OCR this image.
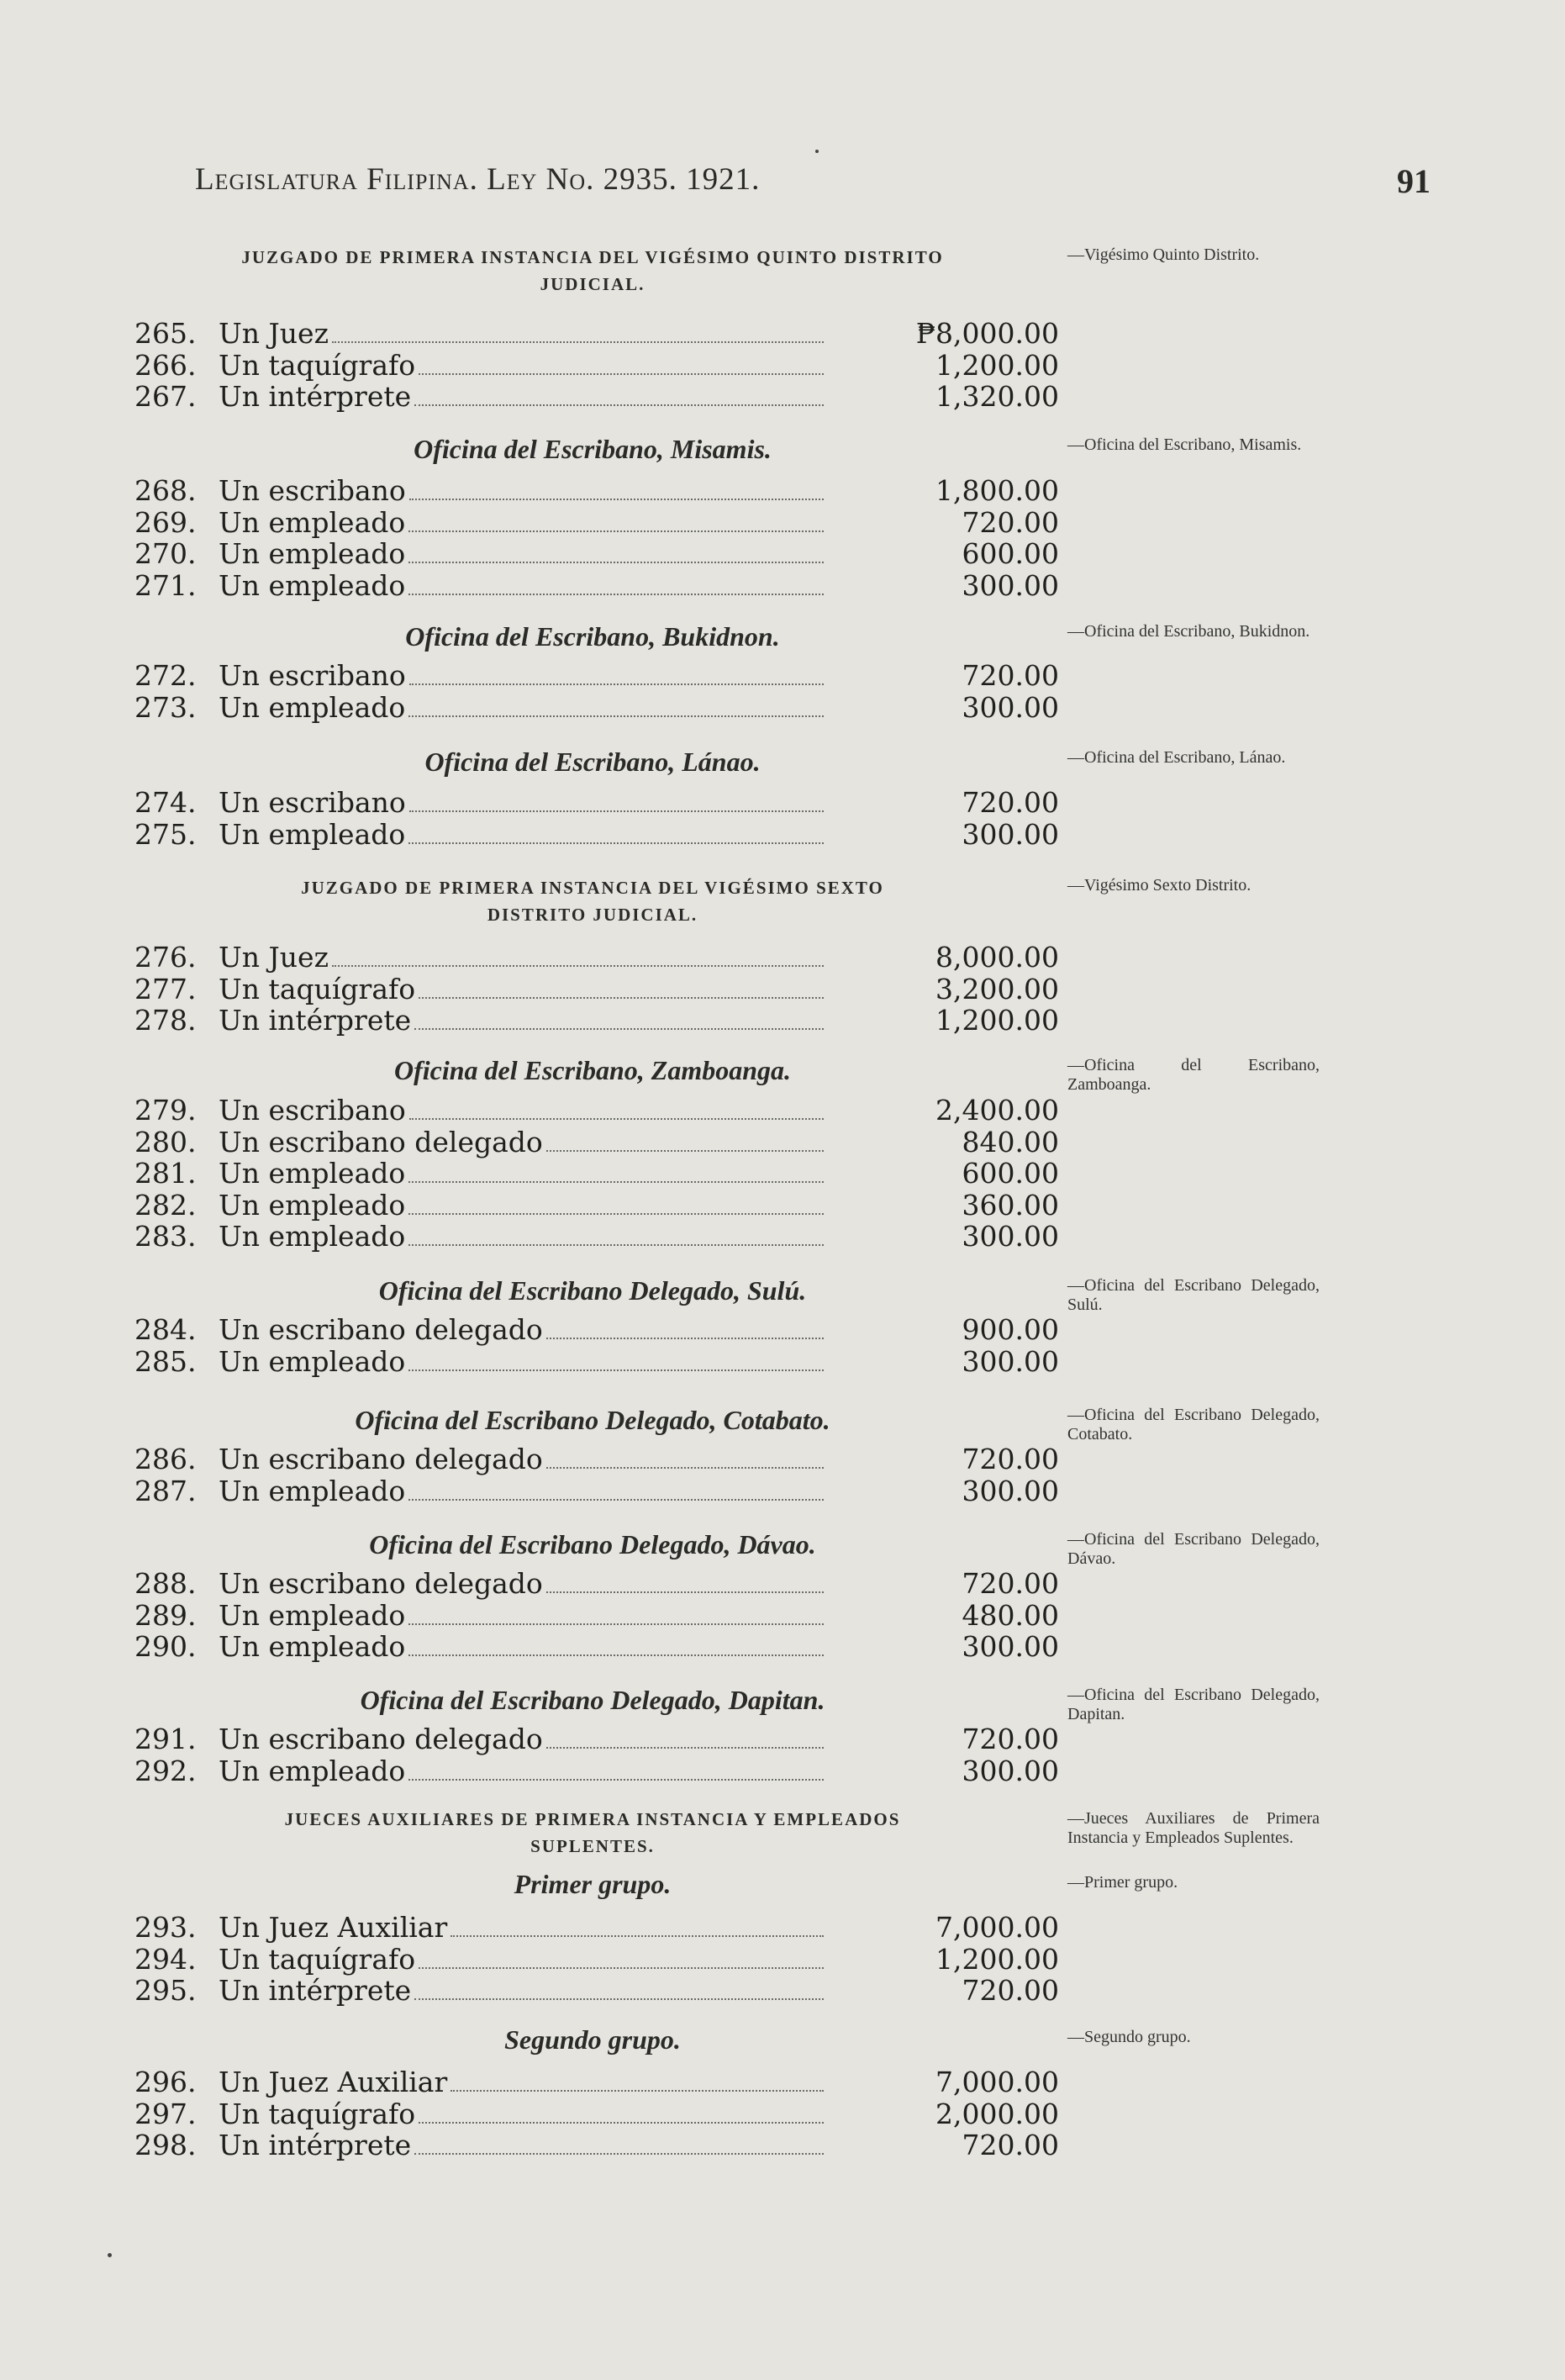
Legislatura Filipina. Ley No. 2935. 1921.	91
JUZGADO DE PRIMERA INSTANCIA DEL VIGÉSIMO QUINTO DISTRITO
JUDICIAL.
—Vigésimo Quinto Distrito.
265. Un Juez	₱8,000.00
266. Un taquígrafo	1,200.00
267. Un intérprete	1,320.00
Oficina del Escribano, Misamis.	—Oficina del Escribano, Misamis.
268. Un escribano	1,800.00
269. Un empleado	720.00
270. Un empleado	600.00
271. Un empleado	300.00
Oficina del Escribano, Bukidnon.	—Oficina del Escribano, Bukidnon.
272. Un escribano	720.00
273. Un empleado	300.00
Oficina del Escribano, Lánao.	—Oficina del Escribano, Lánao.
274. Un escribano	720.00
275. Un empleado	300.00
JUZGADO DE PRIMERA INSTANCIA DEL VIGÉSIMO SEXTO
DISTRITO JUDICIAL.
—Vigésimo Sexto Distrito.
276. Un Juez	8,000.00
277. Un taquígrafo	3,200.00
278. Un intérprete	1,200.00
Oficina del Escribano, Zamboanga.	—Oficina del Escribano, Zamboanga.
279. Un escribano	2,400.00
280. Un escribano delegado	840.00
281. Un empleado	600.00
282. Un empleado	360.00
283. Un empleado	300.00
Oficina del Escribano Delegado, Sulú.	—Oficina del Escribano Delegado, Sulú.
284. Un escribano delegado	900.00
285. Un empleado	300.00
Oficina del Escribano Delegado, Cotabato.	—Oficina del Escribano Delegado, Cotabato.
286. Un escribano delegado	720.00
287. Un empleado	300.00
Oficina del Escribano Delegado, Dávao.	—Oficina del Escribano Delegado, Dávao.
288. Un escribano delegado	720.00
289. Un empleado	480.00
290. Un empleado	300.00
Oficina del Escribano Delegado, Dapitan.	—Oficina del Escribano Delegado, Dapitan.
291. Un escribano delegado	720.00
292. Un empleado	300.00
JUECES AUXILIARES DE PRIMERA INSTANCIA Y EMPLEADOS
SUPLENTES.
—Jueces Auxiliares de Primera Instancia y Empleados Suplentes.
Primer grupo.	—Primer grupo.
293. Un Juez Auxiliar	7,000.00
294. Un taquígrafo	1,200.00
295. Un intérprete	720.00
Segundo grupo.	—Segundo grupo.
296. Un Juez Auxiliar	7,000.00
297. Un taquígrafo	2,000.00
298. Un intérprete	720.00
